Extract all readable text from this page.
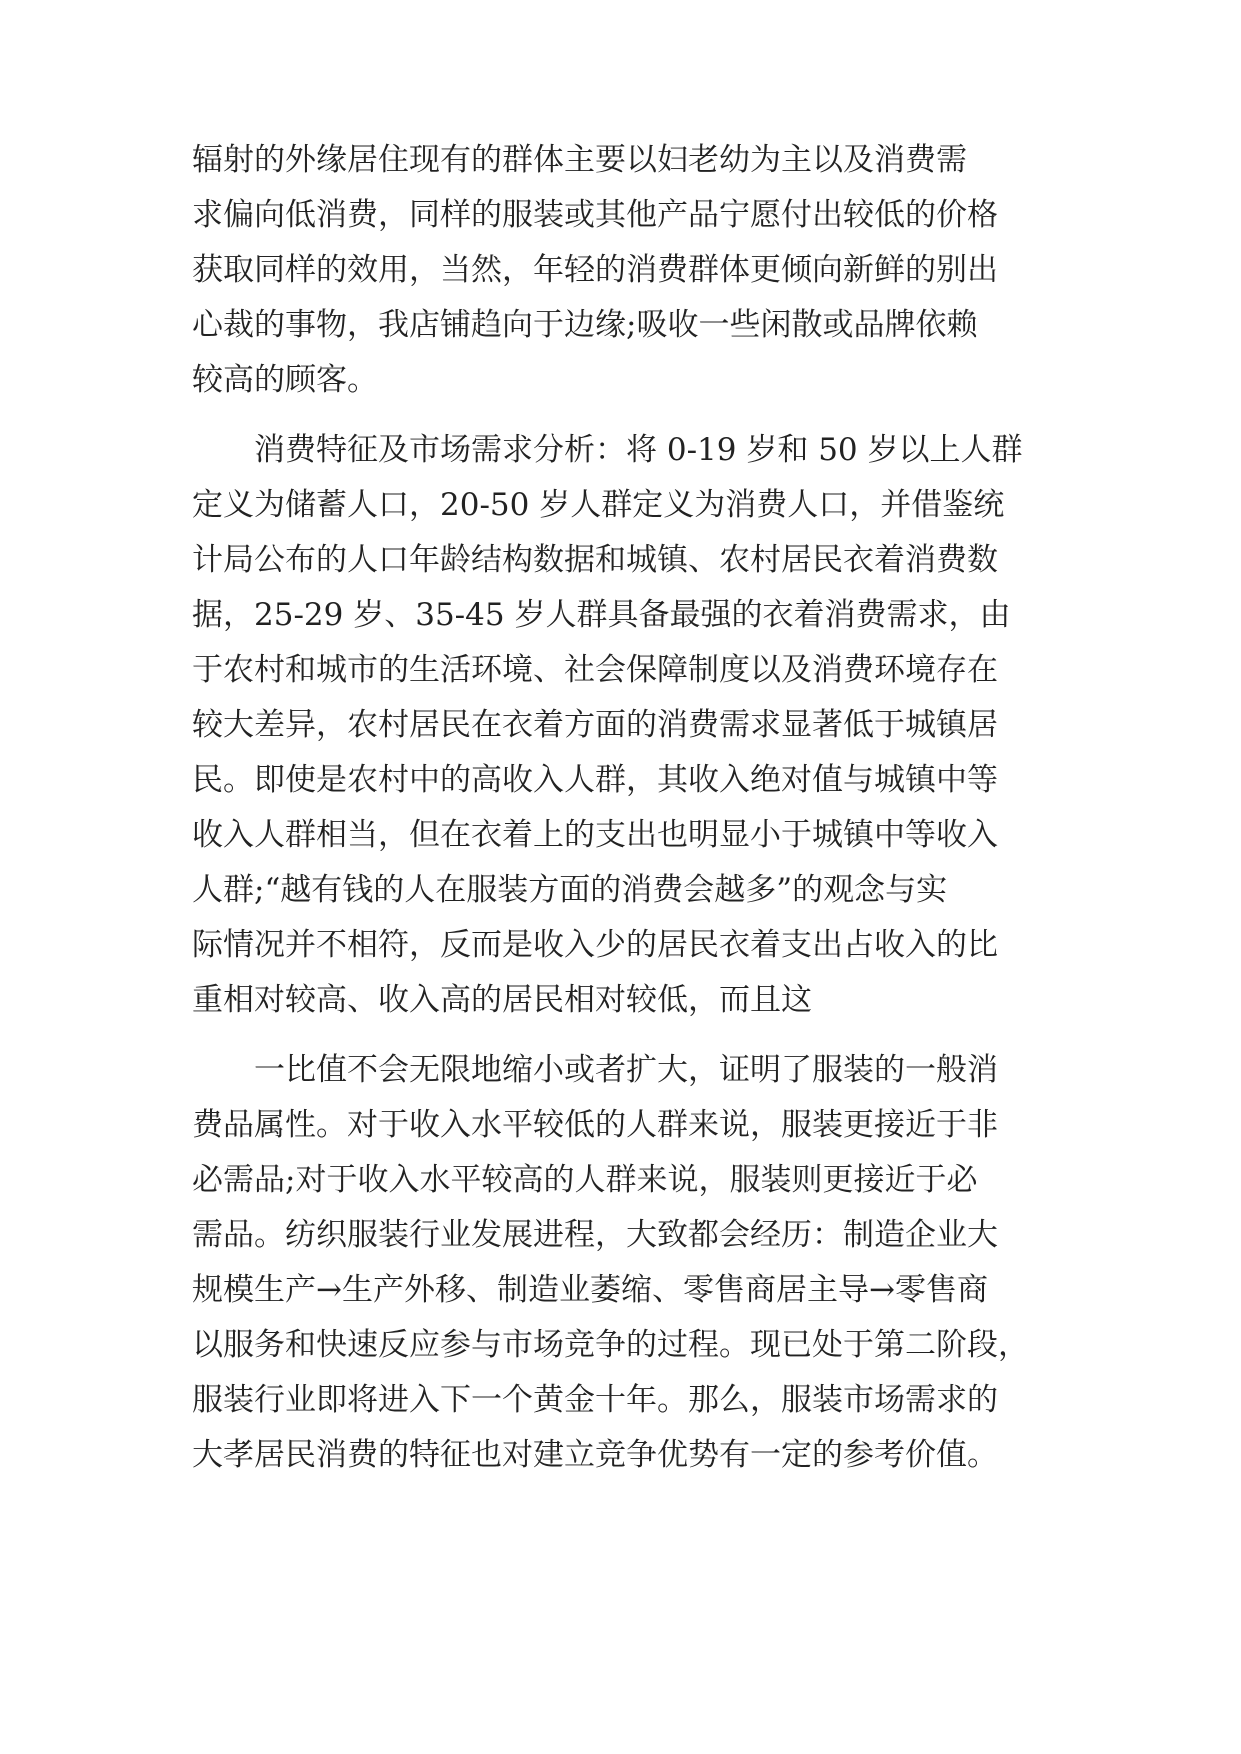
辐射的外缘居住现有的群体主要以妇老幼为主以及消费需
求偏向低消费，同样的服装或其他产品宁愿付出较低的价格
获取同样的效用，当然，年轻的消费群体更倾向新鲜的别出
心裁的事物，我店铺趋向于边缘;吸收一些闲散或品牌依赖
较高的顾客。
消费特征及市场需求分析：将 0-19 岁和 50 岁以上人群
定义为储蓄人口，20-50 岁人群定义为消费人口，并借鉴统
计局公布的人口年龄结构数据和城镇、农村居民衣着消费数
据，25-29 岁、35-45 岁人群具备最强的衣着消费需求，由
于农村和城市的生活环境、社会保障制度以及消费环境存在
较大差异，农村居民在衣着方面的消费需求显著低于城镇居
民。即使是农村中的高收入人群，其收入绝对值与城镇中等
收入人群相当，但在衣着上的支出也明显小于城镇中等收入
人群;“越有钱的人在服装方面的消费会越多”的观念与实
际情况并不相符，反而是收入少的居民衣着支出占收入的比
重相对较高、收入高的居民相对较低，而且这
一比值不会无限地缩小或者扩大，证明了服装的一般消
费品属性。对于收入水平较低的人群来说，服装更接近于非
必需品;对于收入水平较高的人群来说，服装则更接近于必
需品。纺织服装行业发展进程，大致都会经历：制造企业大
规模生产→生产外移、制造业萎缩、零售商居主导→零售商
以服务和快速反应参与市场竞争的过程。现已处于第二阶段，
服装行业即将进入下一个黄金十年。那么，服装市场需求的
大孝居民消费的特征也对建立竞争优势有一定的参考价值。
